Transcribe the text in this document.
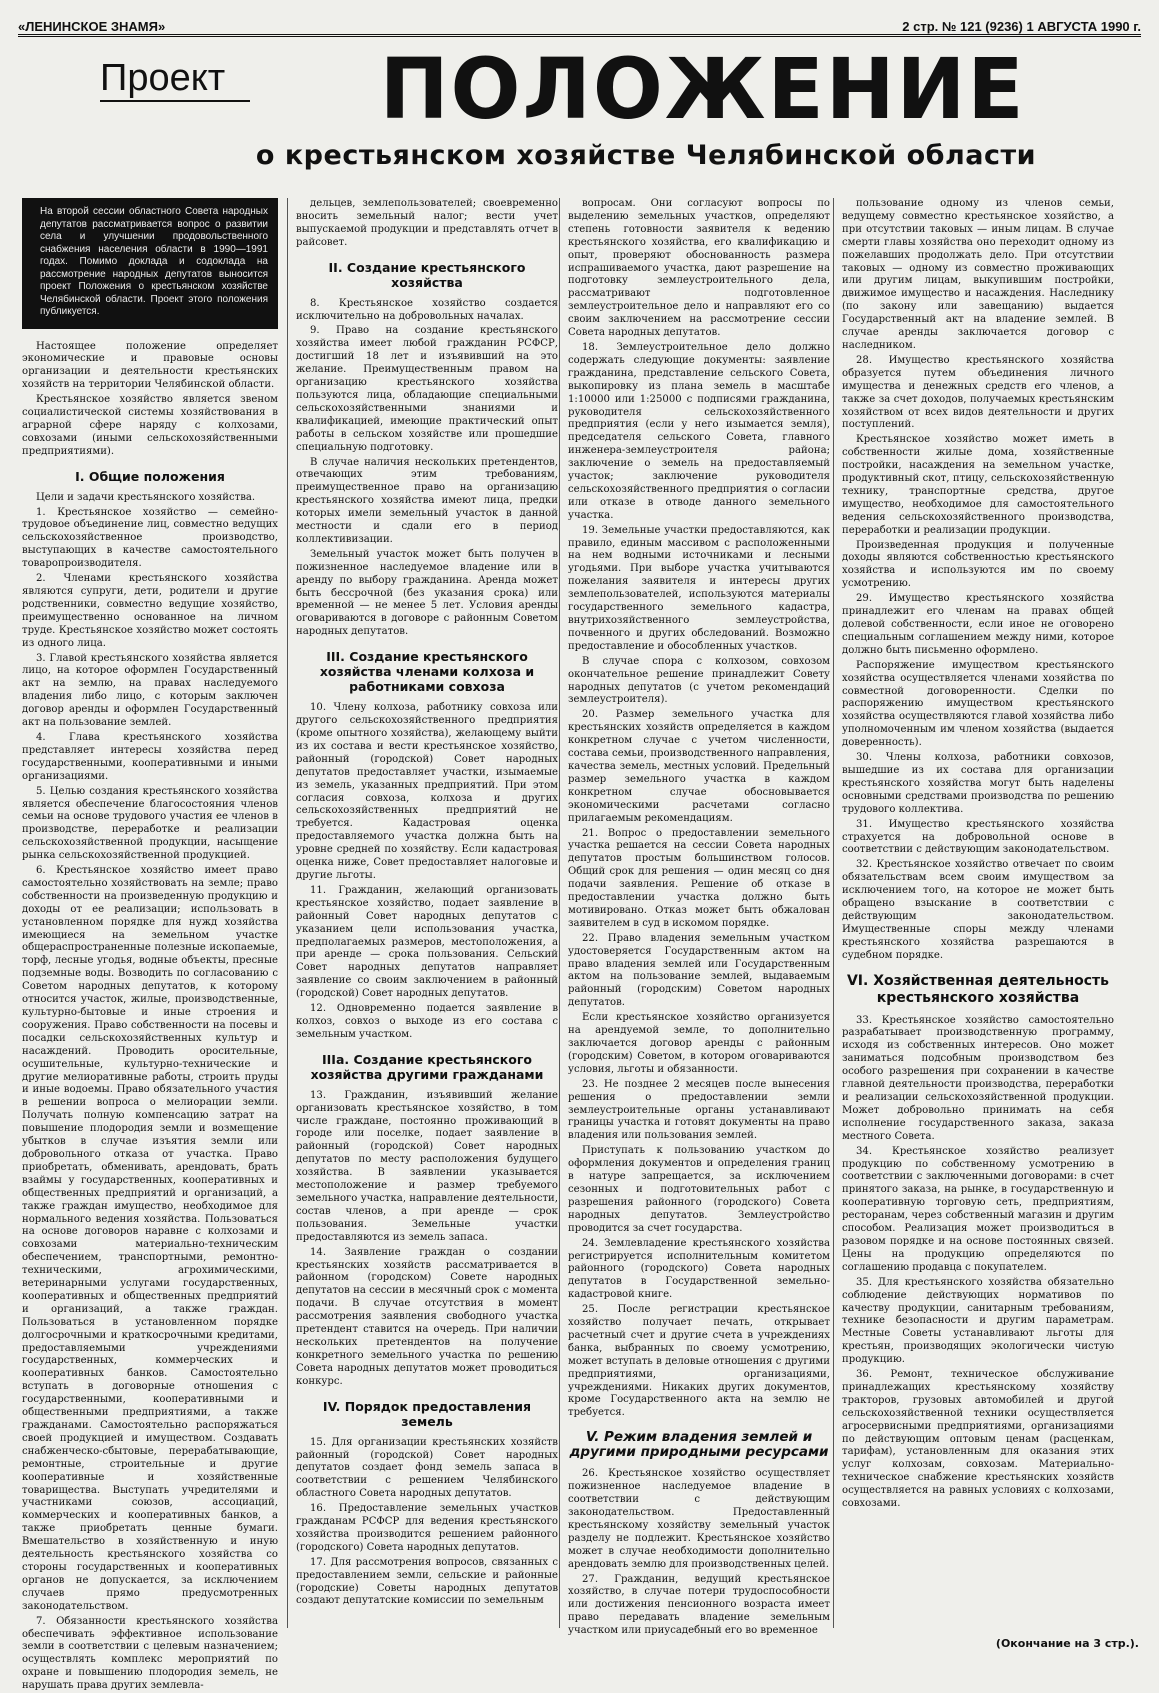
«ЛЕНИНСКОЕ ЗНАМЯ»	2 стр. № 121 (9236) 1 АВГУСТА 1990 г.
Проект ПОЛОЖЕНИЕ
о крестьянском хозяйстве Челябинской области
На второй сессии областного Совета народных депутатов рассматривается вопрос о развитии села и улучшении продовольственного снабжения населения области в 1990—1991 годах. Помимо доклада и содоклада на рассмотрение народных депутатов выносится проект Положения о крестьянском хозяйстве Челябинской области. Проект этого положения публикуется.

Настоящее положение определяет экономические и правовые основы организации и деятельности крестьянских хозяйств на территории Челябинской области.

Крестьянское хозяйство является звеном социалистической системы хозяйствования в аграрной сфере наряду с колхозами, совхозами (иными сельскохозяйственными предприятиями).

I. Общие положения

Цели и задачи крестьянского хозяйства.

1. Крестьянское хозяйство — семейно-трудовое объединение лиц, совместно ведущих сельскохозяйственное производство, выступающих в качестве самостоятельного товаропроизводителя.

2. Членами крестьянского хозяйства являются супруги, дети, родители и другие родственники, совместно ведущие хозяйство, преимущественно основанное на личном труде. Крестьянское хозяйство может состоять из одного лица.

3. Главой крестьянского хозяйства является лицо, на которое оформлен Государственный акт на землю, на правах наследуемого владения либо лицо, с которым заключен договор аренды и оформлен Государственный акт на пользование землей.

4. Глава крестьянского хозяйства представляет интересы хозяйства перед государственными, кооперативными и иными организациями.

5. Целью создания крестьянского хозяйства является обеспечение благосостояния членов семьи на основе трудового участия ее членов в производстве, переработке и реализации сельскохозяйственной продукции, насыщение рынка сельскохозяйственной продукцией.

6. Крестьянское хозяйство имеет право самостоятельно хозяйствовать на земле; право собственности на произведенную продукцию и доходы от ее реализации; использовать в установленном порядке для нужд хозяйства имеющиеся на земельном участке общераспространенные полезные ископаемые, торф, лесные угодья, водные объекты, пресные подземные воды. Возводить по согласованию с Советом народных депутатов, к которому относится участок, жилые, производственные, культурно-бытовые и иные строения и сооружения. Право собственности на посевы и посадки сельскохозяйственных культур и насаждений. Проводить оросительные, осушительные, культурно-технические и другие мелиоративные работы, строить пруды и иные водоемы. Право обязательного участия в решении вопроса о мелиорации земли. Получать полную компенсацию затрат на повышение плодородия земли и возмещение убытков в случае изъятия земли или добровольного отказа от участка. Право приобретать, обменивать, арендовать, брать взаймы у государственных, кооперативных и общественных предприятий и организаций, а также граждан имущество, необходимое для нормального ведения хозяйства. Пользоваться на основе договоров наравне с колхозами и совхозами материально-техническим обеспечением, транспортными, ремонтно-техническими, агрохимическими, ветеринарными услугами государственных, кооперативных и общественных предприятий и организаций, а также граждан. Пользоваться в установленном порядке долгосрочными и краткосрочными кредитами, предоставляемыми учреждениями государственных, коммерческих и кооперативных банков. Самостоятельно вступать в договорные отношения с государственными, кооперативными и общественными предприятиями, а также гражданами. Самостоятельно распоряжаться своей продукцией и имуществом. Создавать снабженческо-сбытовые, перерабатывающие, ремонтные, строительные и другие кооперативные и хозяйственные товарищества. Выступать учредителями и участниками союзов, ассоциаций, коммерческих и кооперативных банков, а также приобретать ценные бумаги. Вмешательство в хозяйственную и иную деятельность крестьянского хозяйства со стороны государственных и кооперативных органов не допускается, за исключением случаев прямо предусмотренных законодательством.

7. Обязанности крестьянского хозяйства обеспечивать эффективное использование земли в соответствии с целевым назначением; осуществлять комплекс мероприятий по охране и повышению плодородия земель, не нарушать права других землевла-

дельцев, землепользователей; своевременно вносить земельный налог; вести учет выпускаемой продукции и представлять отчет в райсовет.

II. Создание крестьянского хозяйства

8. Крестьянское хозяйство создается исключительно на добровольных началах.

9. Право на создание крестьянского хозяйства имеет любой гражданин РСФСР, достигший 18 лет и изъявивший на это желание. Преимущественным правом на организацию крестьянского хозяйства пользуются лица, обладающие специальными сельскохозяйственными знаниями и квалификацией, имеющие практический опыт работы в сельском хозяйстве или прошедшие специальную подготовку.

В случае наличия нескольких претендентов, отвечающих этим требованиям, преимущественное право на организацию крестьянского хозяйства имеют лица, предки которых имели земельный участок в данной местности и сдали его в период коллективизации.

Земельный участок может быть получен в пожизненное наследуемое владение или в аренду по выбору гражданина. Аренда может быть бессрочной (без указания срока) или временной — не менее 5 лет. Условия аренды оговариваются в договоре с районным Советом народных депутатов.

III. Создание крестьянского хозяйства членами колхоза и работниками совхоза

10. Члену колхоза, работнику совхоза или другого сельскохозяйственного предприятия (кроме опытного хозяйства), желающему выйти из их состава и вести крестьянское хозяйство, районный (городской) Совет народных депутатов предоставляет участки, изымаемые из земель, указанных предприятий. При этом согласия совхоза, колхоза и других сельскохозяйственных предприятий не требуется. Кадастровая оценка предоставляемого участка должна быть на уровне средней по хозяйству. Если кадастровая оценка ниже, Совет предоставляет налоговые и другие льготы.

11. Гражданин, желающий организовать крестьянское хозяйство, подает заявление в районный Совет народных депутатов с указанием цели использования участка, предполагаемых размеров, местоположения, а при аренде — срока пользования. Сельский Совет народных депутатов направляет заявление со своим заключением в районный (городской) Совет народных депутатов.

12. Одновременно подается заявление в колхоз, совхоз о выходе из его состава с земельным участком.

IIIа. Создание крестьянского хозяйства другими гражданами

13. Гражданин, изъявивший желание организовать крестьянское хозяйство, в том числе граждане, постоянно проживающий в городе или поселке, подает заявление в районный (городской) Совет народных депутатов по месту расположения будущего хозяйства. В заявлении указывается местоположение и размер требуемого земельного участка, направление деятельности, состав членов, а при аренде — срок пользования. Земельные участки предоставляются из земель запаса.

14. Заявление граждан о создании крестьянских хозяйств рассматривается в районном (городском) Совете народных депутатов на сессии в месячный срок с момента подачи. В случае отсутствия в момент рассмотрения заявления свободного участка претендент ставится на очередь. При наличии нескольких претендентов на получение конкретного земельного участка по решению Совета народных депутатов может проводиться конкурс.

IV. Порядок предоставления земель

15. Для организации крестьянских хозяйств районный (городской) Совет народных депутатов создает фонд земель запаса в соответствии с решением Челябинского областного Совета народных депутатов.

16. Предоставление земельных участков гражданам РСФСР для ведения крестьянского хозяйства производится решением районного (городского) Совета народных депутатов.

17. Для рассмотрения вопросов, связанных с предоставлением земли, сельские и районные (городские) Советы народных депутатов создают депутатские комиссии по земельным

вопросам. Они согласуют вопросы по выделению земельных участков, определяют степень готовности заявителя к ведению крестьянского хозяйства, его квалификацию и опыт, проверяют обоснованность размера испрашиваемого участка, дают разрешение на подготовку землеустроительного дела, рассматривают подготовленное землеустроительное дело и направляют его со своим заключением на рассмотрение сессии Совета народных депутатов.

18. Землеустроительное дело должно содержать следующие документы: заявление гражданина, представление сельского Совета, выкопировку из плана земель в масштабе 1:10000 или 1:25000 с подписями гражданина, руководителя сельскохозяйственного предприятия (если у него изымается земля), председателя сельского Совета, главного инженера-землеустроителя района; заключение о земель на предоставляемый участок; заключение руководителя сельскохозяйственного предприятия о согласии или отказе в отводе данного земельного участка.

19. Земельные участки предоставляются, как правило, единым массивом с расположенными на нем водными источниками и лесными угодьями. При выборе участка учитываются пожелания заявителя и интересы других землепользователей, используются материалы государственного земельного кадастра, внутрихозяйственного землеустройства, почвенного и других обследований. Возможно предоставление и обособленных участков.

В случае спора с колхозом, совхозом окончательное решение принадлежит Совету народных депутатов (с учетом рекомендаций землеустроителя).

20. Размер земельного участка для крестьянских хозяйств определяется в каждом конкретном случае с учетом численности, состава семьи, производственного направления, качества земель, местных условий. Предельный размер земельного участка в каждом конкретном случае обосновывается экономическими расчетами согласно прилагаемым рекомендациям.

21. Вопрос о предоставлении земельного участка решается на сессии Совета народных депутатов простым большинством голосов. Общий срок для решения — один месяц со дня подачи заявления. Решение об отказе в предоставлении участка должно быть мотивировано. Отказ может быть обжалован заявителем в суд в искомом порядке.

22. Право владения земельным участком удостоверяется Государственным актом на право владения землей или Государственным актом на пользование землей, выдаваемым районный (городским) Советом народных депутатов.

Если крестьянское хозяйство организуется на арендуемой земле, то дополнительно заключается договор аренды с районным (городским) Советом, в котором оговариваются условия, льготы и обязанности.

23. Не позднее 2 месяцев после вынесения решения о предоставлении земли землеустроительные органы устанавливают границы участка и готовят документы на право владения или пользования землей.

Приступать к пользованию участком до оформления документов и определения границ в натуре запрещается, за исключением сезонных и подготовительных работ с разрешения районного (городского) Совета народных депутатов. Землеустройство проводится за счет государства.

24. Землевладение крестьянского хозяйства регистрируется исполнительным комитетом районного (городского) Совета народных депутатов в Государственной земельно-кадастровой книге.

25. После регистрации крестьянское хозяйство получает печать, открывает расчетный счет и другие счета в учреждениях банка, выбранных по своему усмотрению, может вступать в деловые отношения с другими предприятиями, организациями, учреждениями. Никаких других документов, кроме Государственного акта на землю не требуется.

V. Режим владения землей и другими природными ресурсами

26. Крестьянское хозяйство осуществляет пожизненное наследуемое владение в соответствии с действующим законодательством. Предоставленный крестьянскому хозяйству земельный участок разделу не подлежит. Крестьянское хозяйство может в случае необходимости дополнительно арендовать землю для производственных целей.

27. Гражданин, ведущий крестьянское хозяйство, в случае потери трудоспособности или достижения пенсионного возраста имеет право передавать владение земельным участком или приусадебный его во временное

пользование одному из членов семьи, ведущему совместно крестьянское хозяйство, а при отсутствии таковых — иным лицам. В случае смерти главы хозяйства оно переходит одному из пожелавших продолжать дело. При отсутствии таковых — одному из совместно проживающих или другим лицам, выкупившим постройки, движимое имущество и насаждения. Наследнику (по закону или завещанию) выдается Государственный акт на владение землей. В случае аренды заключается договор с наследником.

28. Имущество крестьянского хозяйства образуется путем объединения личного имущества и денежных средств его членов, а также за счет доходов, получаемых крестьянским хозяйством от всех видов деятельности и других поступлений.

Крестьянское хозяйство может иметь в собственности жилые дома, хозяйственные постройки, насаждения на земельном участке, продуктивный скот, птицу, сельскохозяйственную технику, транспортные средства, другое имущество, необходимое для самостоятельного ведения сельскохозяйственного производства, переработки и реализации продукции.

Произведенная продукция и полученные доходы являются собственностью крестьянского хозяйства и используются им по своему усмотрению.

29. Имущество крестьянского хозяйства принадлежит его членам на правах общей долевой собственности, если иное не оговорено специальным соглашением между ними, которое должно быть письменно оформлено.

Распоряжение имуществом крестьянского хозяйства осуществляется членами хозяйства по совместной договоренности. Сделки по распоряжению имуществом крестьянского хозяйства осуществляются главой хозяйства либо уполномоченным им членом хозяйства (выдается доверенность).

30. Члены колхоза, работники совхозов, вышедшие из их состава для организации крестьянского хозяйства могут быть наделены основными средствами производства по решению трудового коллектива.

31. Имущество крестьянского хозяйства страхуется на добровольной основе в соответствии с действующим законодательством.

32. Крестьянское хозяйство отвечает по своим обязательствам всем своим имуществом за исключением того, на которое не может быть обращено взыскание в соответствии с действующим законодательством. Имущественные споры между членами крестьянского хозяйства разрешаются в судебном порядке.

VI. Хозяйственная деятельность крестьянского хозяйства

33. Крестьянское хозяйство самостоятельно разрабатывает производственную программу, исходя из собственных интересов. Оно может заниматься подсобным производством без особого разрешения при сохранении в качестве главной деятельности производства, переработки и реализации сельскохозяйственной продукции. Может добровольно принимать на себя исполнение государственного заказа, заказа местного Совета.

34. Крестьянское хозяйство реализует продукцию по собственному усмотрению в соответствии с заключенными договорами: в счет принятого заказа, на рынке, в государственную и кооперативную торговую сеть, предприятиям, ресторанам, через собственный магазин и другим способом. Реализация может производиться в разовом порядке и на основе постоянных связей. Цены на продукцию определяются по соглашению продавца с покупателем.

35. Для крестьянского хозяйства обязательно соблюдение действующих нормативов по качеству продукции, санитарным требованиям, технике безопасности и другим параметрам. Местные Советы устанавливают льготы для крестьян, производящих экологически чистую продукцию.

36. Ремонт, техническое обслуживание принадлежащих крестьянскому хозяйству тракторов, грузовых автомобилей и другой сельскохозяйственной техники осуществляется агросервисными предприятиями, организациями по действующим оптовым ценам (расценкам, тарифам), установленным для оказания этих услуг колхозам, совхозам. Материально-техническое снабжение крестьянских хозяйств осуществляется на равных условиях с колхозами, совхозами.

(Окончание на 3 стр.).
